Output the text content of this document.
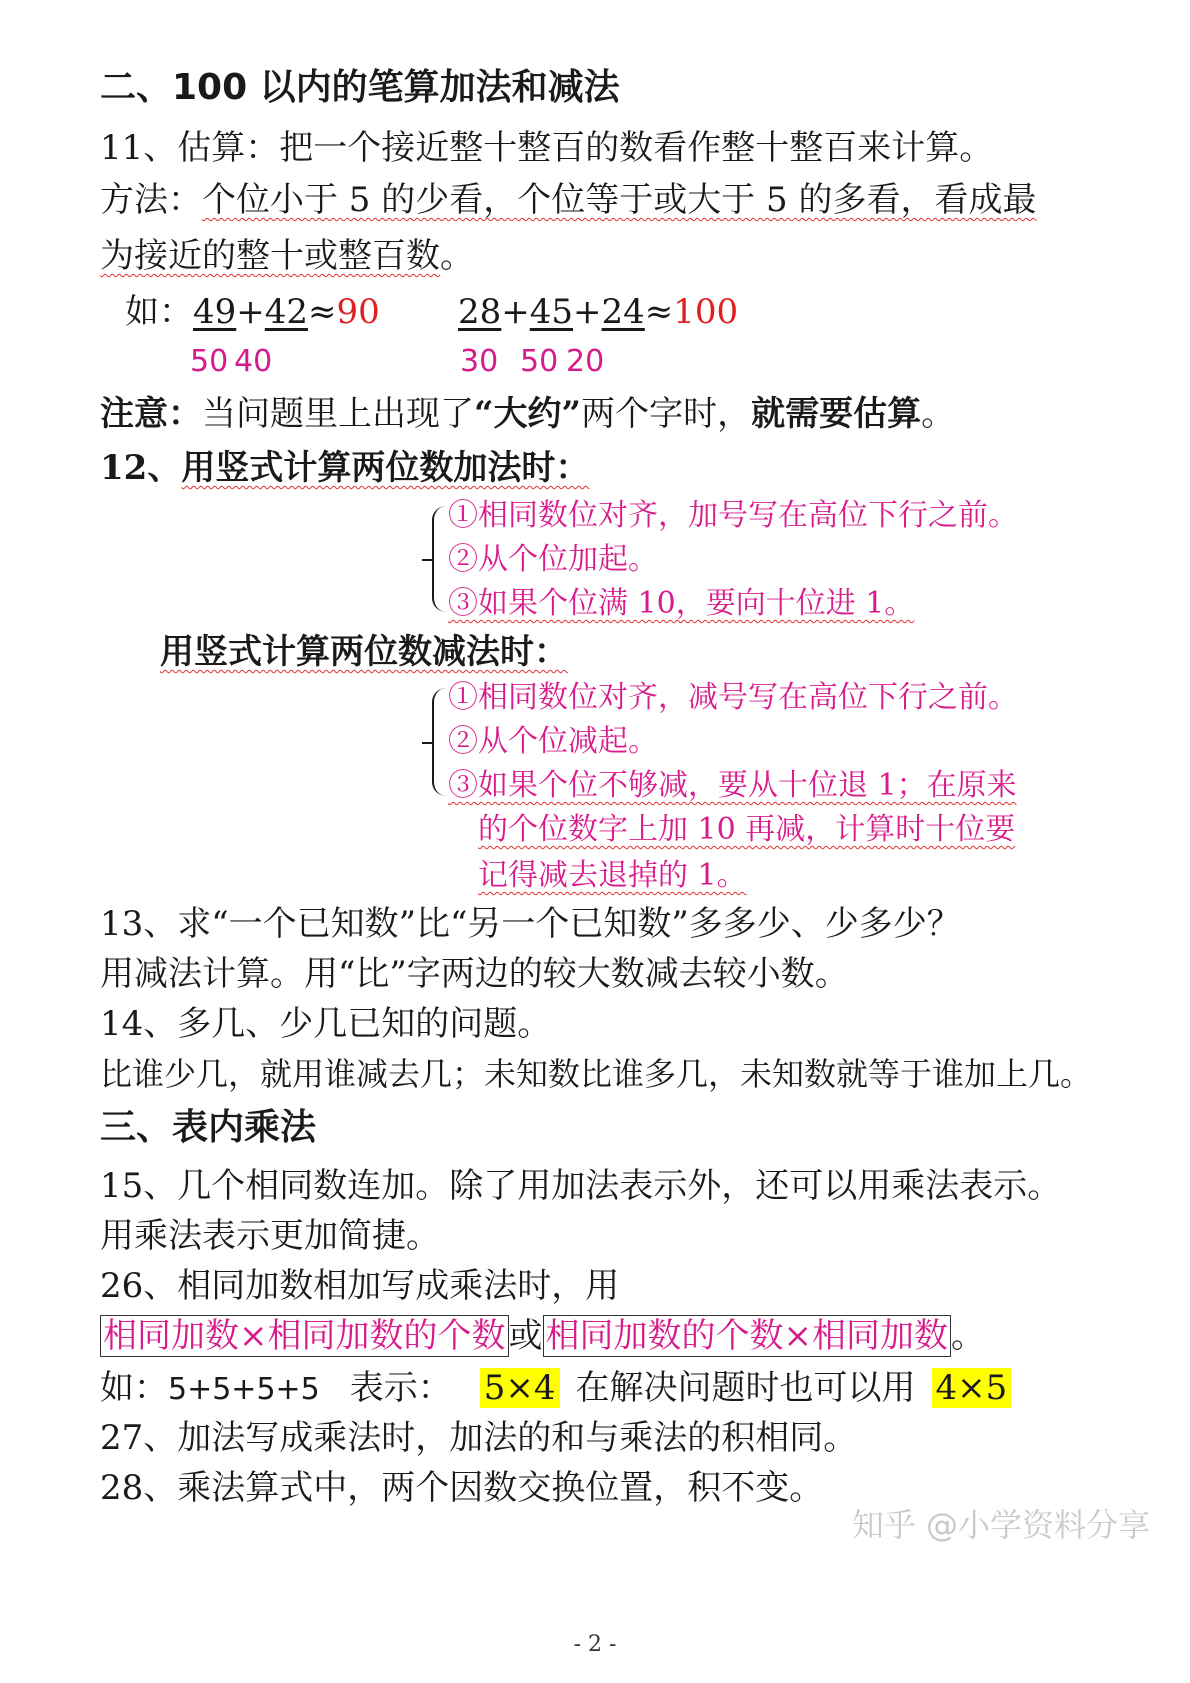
二、100 以内的笔算加法和减法
11、估算：把一个接近整十整百的数看作整十整百来计算。
方法：个位小于 5 的少看，个位等于或大于 5 的多看，看成最
为接近的整十或整百数。
如：49+42≈90 28+45+24≈100
50 40	30 50 20
注意：当问题里上出现了“大约”两个字时，就需要估算。
12、用竖式计算两位数加法时：
①相同数位对齐，加号写在高位下行之前。
②从个位加起。
③如果个位满 10，要向十位进 1。
用竖式计算两位数减法时：
①相同数位对齐，减号写在高位下行之前。
②从个位减起。
③如果个位不够减，要从十位退 1；在原来
的个位数字上加 10 再减，计算时十位要
记得减去退掉的 1。
13、求“一个已知数”比“另一个已知数”多多少、少多少？
用减法计算。用“比”字两边的较大数减去较小数。
14、多几、少几已知的问题。
比谁少几，就用谁减去几；未知数比谁多几，未知数就等于谁加上几。
三、表内乘法
15、几个相同数连加。除了用加法表示外，还可以用乘法表示。
用乘法表示更加简捷。
26、相同加数相加写成乘法时，用
相同加数×相同加数的个数或相同加数的个数×相同加数。
如：5+5+5+5 表示： 5×4 在解决问题时也可以用 4×5
27、加法写成乘法时，加法的和与乘法的积相同。
28、乘法算式中，两个因数交换位置，积不变。
知乎 @小学资料分享
- 2 -
